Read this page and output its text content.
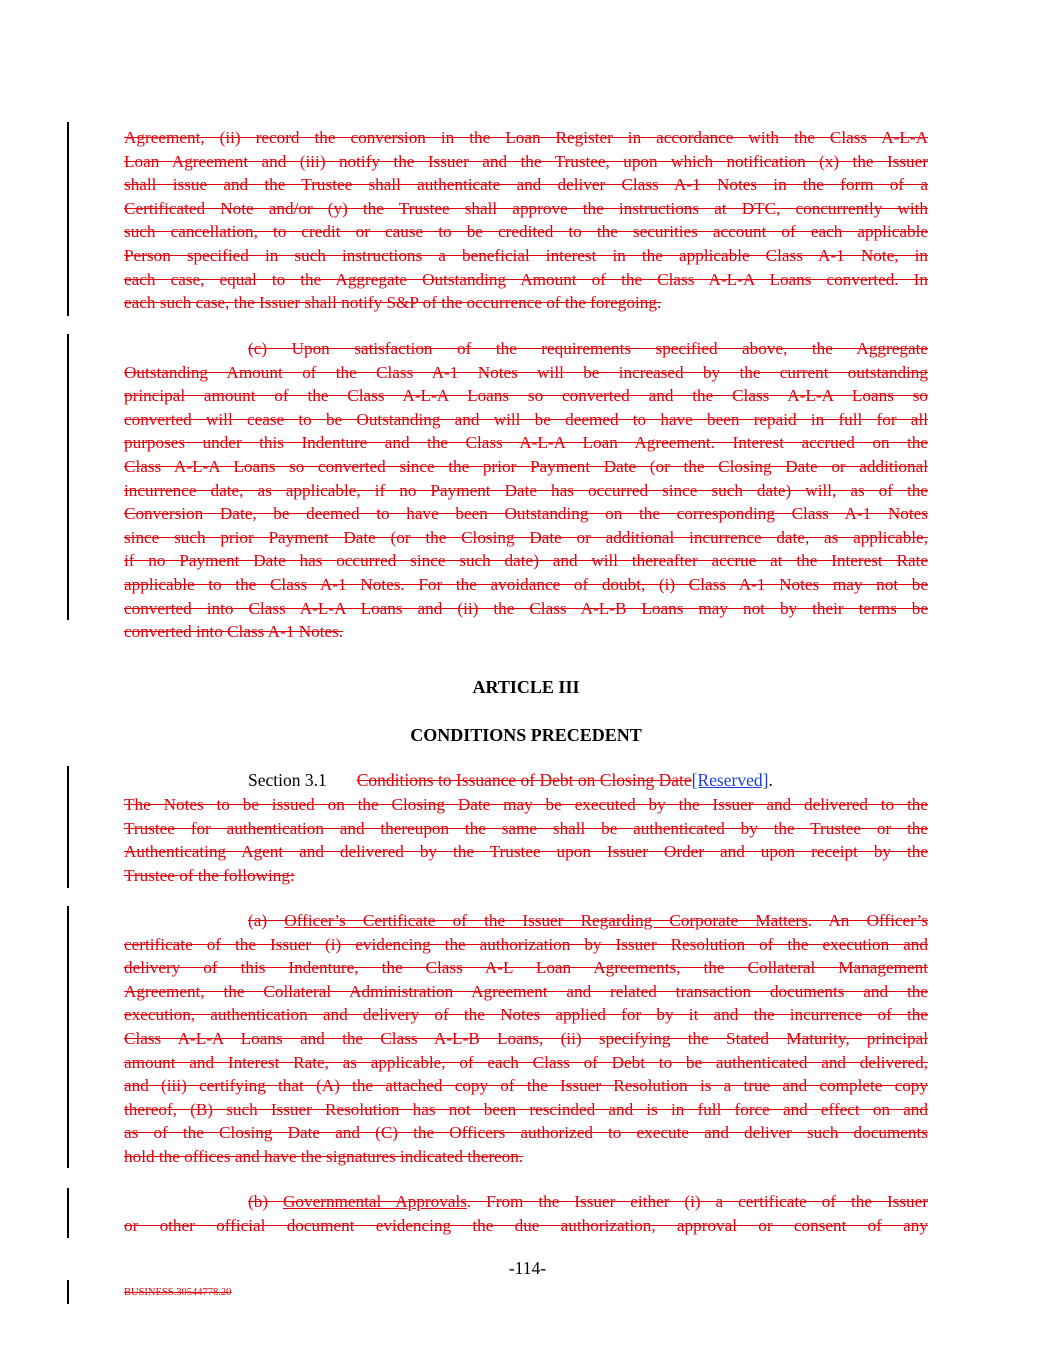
Agreement, (ii) record the conversion in the Loan Register in accordance with the Class A-L-A
Loan Agreement and (iii) notify the Issuer and the Trustee, upon which notification (x) the Issuer
shall issue and the Trustee shall authenticate and deliver Class A-1 Notes in the form of a
Certificated Note and/or (y) the Trustee shall approve the instructions at DTC, concurrently with
such cancellation, to credit or cause to be credited to the securities account of each applicable
Person specified in such instructions a beneficial interest in the applicable Class A-1 Note, in
each case, equal to the Aggregate Outstanding Amount of the Class A-L-A Loans converted. In
each such case, the Issuer shall notify S&P of the occurrence of the foregoing.
(c) Upon satisfaction of the requirements specified above, the Aggregate
Outstanding Amount of the Class A-1 Notes will be increased by the current outstanding
principal amount of the Class A-L-A Loans so converted and the Class A-L-A Loans so
converted will cease to be Outstanding and will be deemed to have been repaid in full for all
purposes under this Indenture and the Class A-L-A Loan Agreement. Interest accrued on the
Class A-L-A Loans so converted since the prior Payment Date (or the Closing Date or additional
incurrence date, as applicable, if no Payment Date has occurred since such date) will, as of the
Conversion Date, be deemed to have been Outstanding on the corresponding Class A-1 Notes
since such prior Payment Date (or the Closing Date or additional incurrence date, as applicable,
if no Payment Date has occurred since such date) and will thereafter accrue at the Interest Rate
applicable to the Class A-1 Notes. For the avoidance of doubt, (i) Class A-1 Notes may not be
converted into Class A-L-A Loans and (ii) the Class A-L-B Loans may not by their terms be
converted into Class A-1 Notes.
ARTICLE III
CONDITIONS PRECEDENT
Section 3.1 Conditions to Issuance of Debt on Closing Date[Reserved].
The Notes to be issued on the Closing Date may be executed by the Issuer and delivered to the
Trustee for authentication and thereupon the same shall be authenticated by the Trustee or the
Authenticating Agent and delivered by the Trustee upon Issuer Order and upon receipt by the
Trustee of the following:
(a) Officer’s Certificate of the Issuer Regarding Corporate Matters. An Officer’s
certificate of the Issuer (i) evidencing the authorization by Issuer Resolution of the execution and
delivery of this Indenture, the Class A-L Loan Agreements, the Collateral Management
Agreement, the Collateral Administration Agreement and related transaction documents and the
execution, authentication and delivery of the Notes applied for by it and the incurrence of the
Class A-L-A Loans and the Class A-L-B Loans, (ii) specifying the Stated Maturity, principal
amount and Interest Rate, as applicable, of each Class of Debt to be authenticated and delivered,
and (iii) certifying that (A) the attached copy of the Issuer Resolution is a true and complete copy
thereof, (B) such Issuer Resolution has not been rescinded and is in full force and effect on and
as of the Closing Date and (C) the Officers authorized to execute and deliver such documents
hold the offices and have the signatures indicated thereon.
(b) Governmental Approvals. From the Issuer either (i) a certificate of the Issuer
or other official document evidencing the due authorization, approval or consent of any
-114-
BUSINESS.30544778.20
